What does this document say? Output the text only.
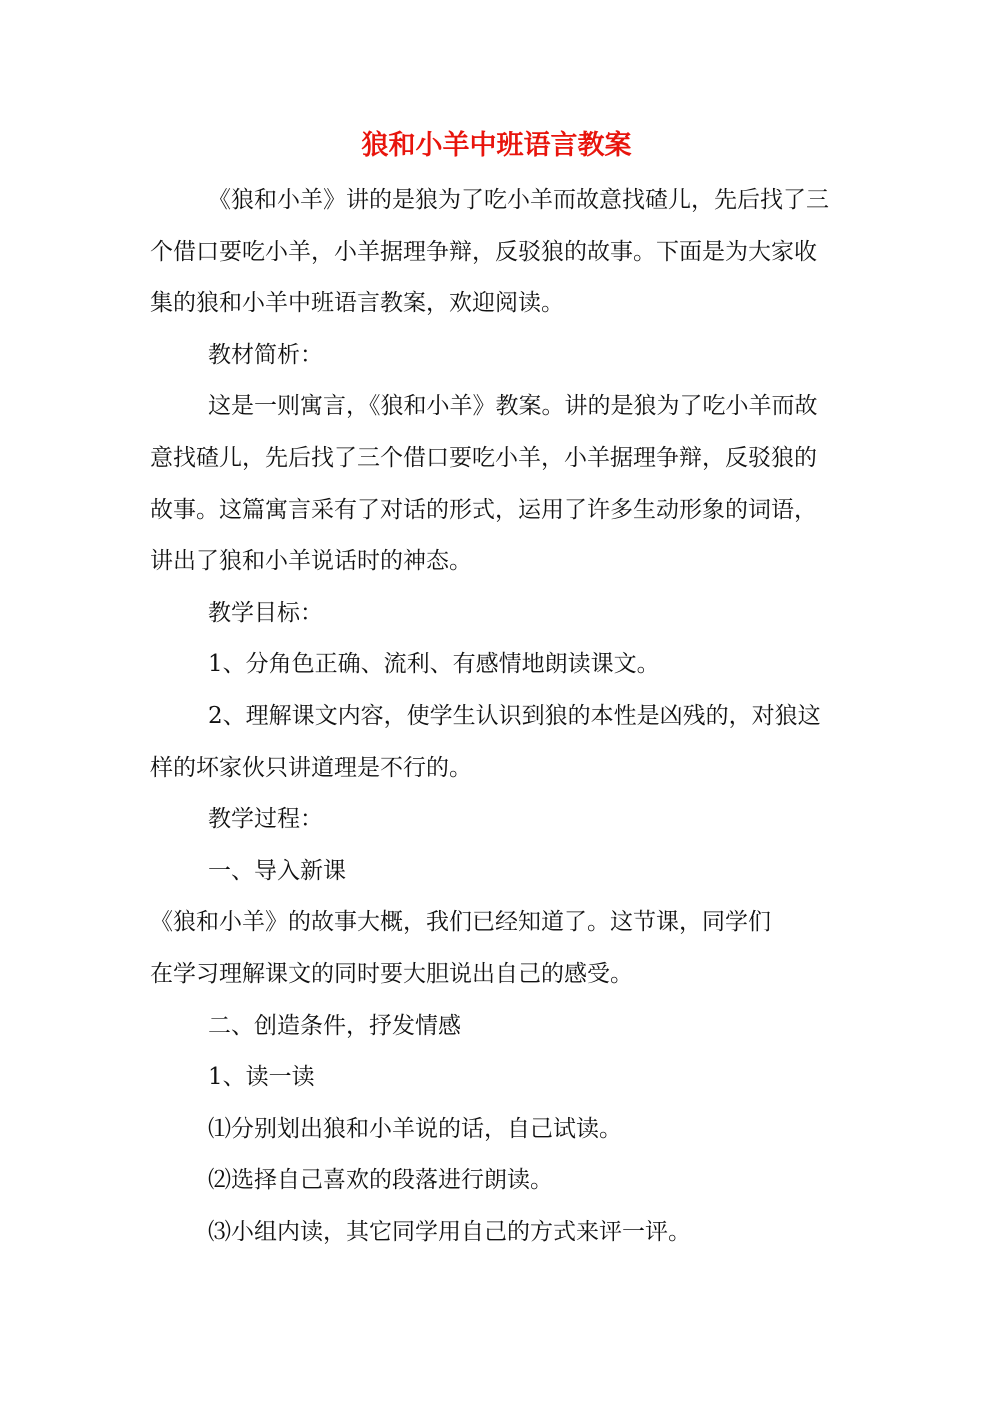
狼和小羊中班语言教案
《狼和小羊》讲的是狼为了吃小羊而故意找碴儿，先后找了三
个借口要吃小羊，小羊据理争辩，反驳狼的故事。下面是为大家收
集的狼和小羊中班语言教案，欢迎阅读。
教材简析：
这是一则寓言，《狼和小羊》教案。讲的是狼为了吃小羊而故
意找碴儿，先后找了三个借口要吃小羊，小羊据理争辩，反驳狼的
故事。这篇寓言采有了对话的形式，运用了许多生动形象的词语，
讲出了狼和小羊说话时的神态。
教学目标：
1、分角色正确、流利、有感情地朗读课文。
2、理解课文内容，使学生认识到狼的本性是凶残的，对狼这
样的坏家伙只讲道理是不行的。
教学过程：
一、导入新课
《狼和小羊》的故事大概，我们已经知道了。这节课，同学们
在学习理解课文的同时要大胆说出自己的感受。
二、创造条件，抒发情感
1、读一读
⑴分别划出狼和小羊说的话，自己试读。
⑵选择自己喜欢的段落进行朗读。
⑶小组内读，其它同学用自己的方式来评一评。
